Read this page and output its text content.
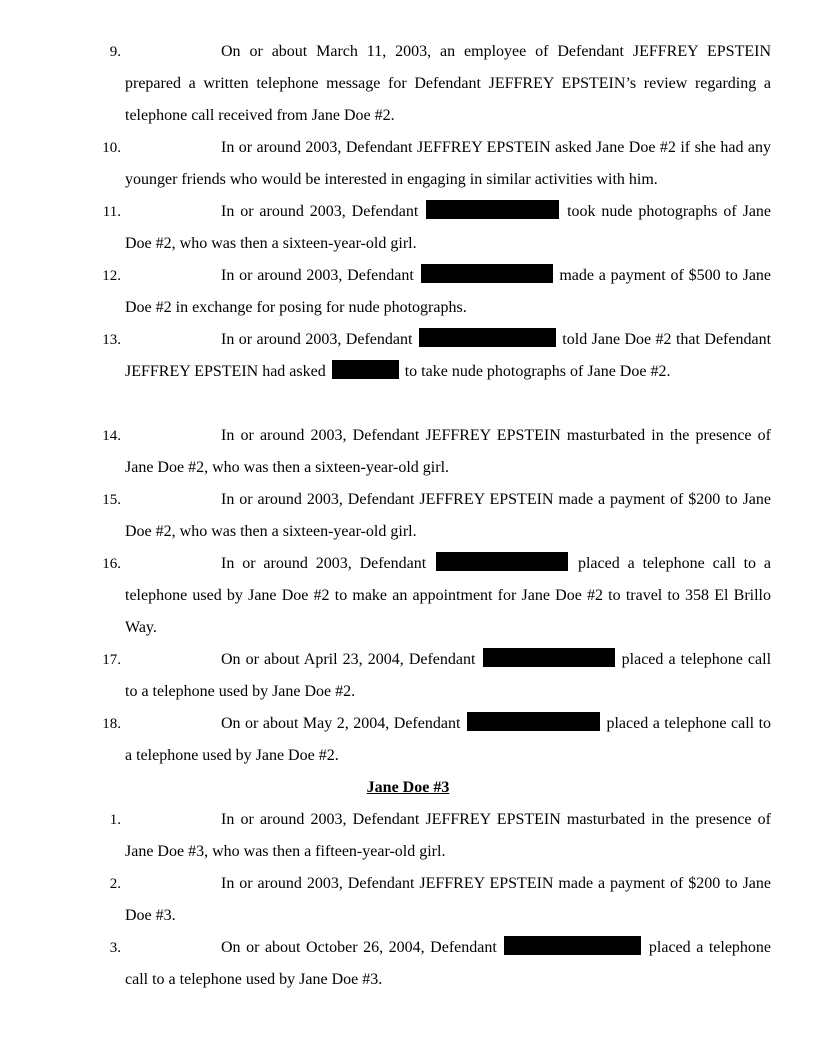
9.	On or about March 11, 2003, an employee of Defendant JEFFREY EPSTEIN prepared a written telephone message for Defendant JEFFREY EPSTEIN’s review regarding a telephone call received from Jane Doe #2.
10.	In or around 2003, Defendant JEFFREY EPSTEIN asked Jane Doe #2 if she had any younger friends who would be interested in engaging in similar activities with him.
11.	In or around 2003, Defendant	took nude photographs of Jane Doe #2, who was then a sixteen-year-old girl.
12.	In or around 2003, Defendant	made a payment of $500 to Jane Doe #2 in exchange for posing for nude photographs.
13.	In or around 2003, Defendant	told Jane Doe #2 that Defendant JEFFREY EPSTEIN had asked	to take nude photographs of Jane Doe #2.
14.	In or around 2003, Defendant JEFFREY EPSTEIN masturbated in the presence of Jane Doe #2, who was then a sixteen-year-old girl.
15.	In or around 2003, Defendant JEFFREY EPSTEIN made a payment of $200 to Jane Doe #2, who was then a sixteen-year-old girl.
16.	In or around 2003, Defendant	placed a telephone call to a telephone used by Jane Doe #2 to make an appointment for Jane Doe #2 to travel to 358 El Brillo Way.
17.	On or about April 23, 2004, Defendant	placed a telephone call to a telephone used by Jane Doe #2.
18.	On or about May 2, 2004, Defendant	placed a telephone call to a telephone used by Jane Doe #2.
Jane Doe #3
1.	In or around 2003, Defendant JEFFREY EPSTEIN masturbated in the presence of Jane Doe #3, who was then a fifteen-year-old girl.
2.	In or around 2003, Defendant JEFFREY EPSTEIN made a payment of $200 to Jane Doe #3.
3.	On or about October 26, 2004, Defendant	placed a telephone call to a telephone used by Jane Doe #3.
